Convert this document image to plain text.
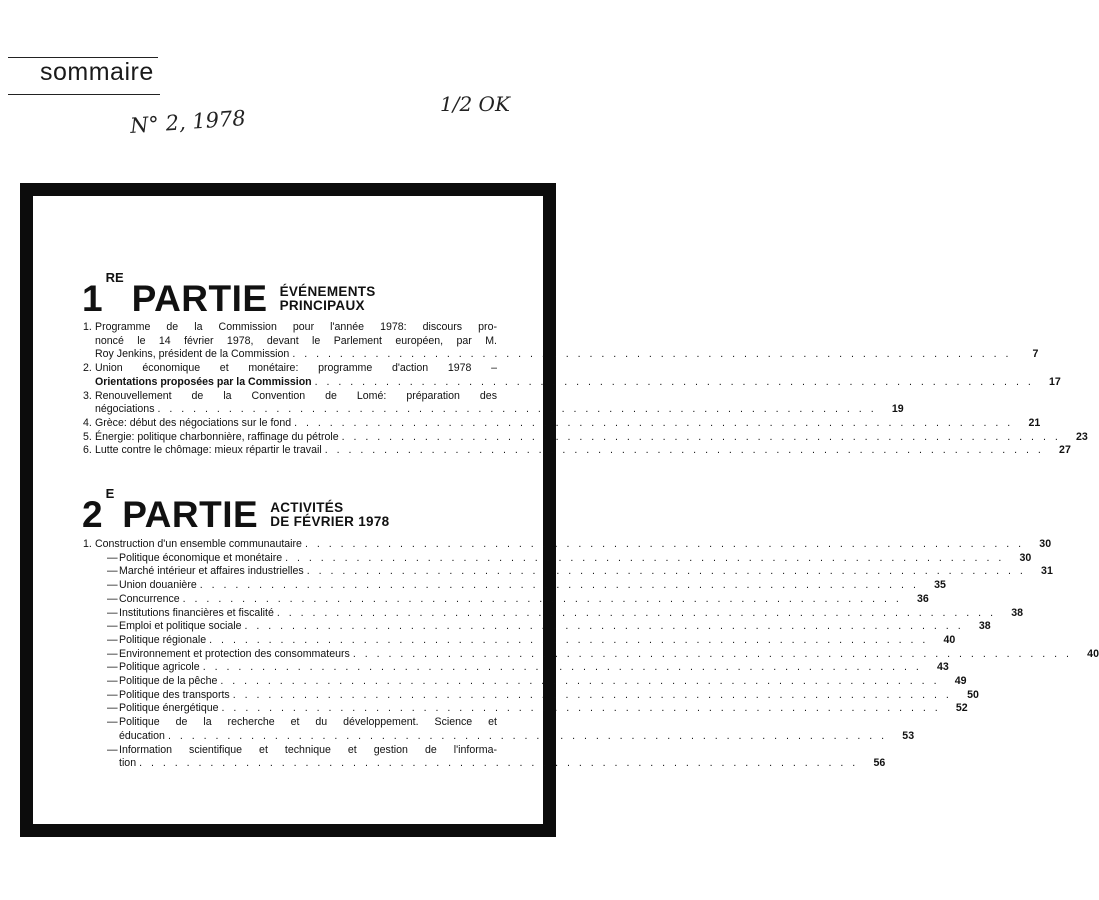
sommaire
N° 2, 1978
1/2 OK
1RE
PARTIE ÉVÉNEMENTS
PRINCIPAUX
1. Programme de la Commission pour l'année 1978: discours pro-
noncé le 14 février 1978, devant le Parlement européen, par M.
Roy Jenkins, président de la Commission . . . . . . . . . . . . . . . . . . . . . . . . . . . . . . . . . . . . . . . . . . . . . . . . . . . . . . . . . . . . .	7
2. Union économique et monétaire: programme d'action 1978 –
Orientations proposées par la Commission . . . . . . . . . . . . . . . . . . . . . . . . . . . . . . . . . . . . . . . . . . . . . . . . . . . . . . . . . . . . .	17
3. Renouvellement de la Convention de Lomé: préparation des
négociations . . . . . . . . . . . . . . . . . . . . . . . . . . . . . . . . . . . . . . . . . . . . . . . . . . . . . . . . . . . . .	19
4. Grèce: début des négociations sur le fond . . . . . . . . . . . . . . . . . . . . . . . . . . . . . . . . . . . . . . . . . . . . . . . . . . . . . . . . . . . . .	21
5. Énergie: politique charbonnière, raffinage du pétrole . . . . . . . . . . . . . . . . . . . . . . . . . . . . . . . . . . . . . . . . . . . . . . . . . . . . . . . . . . . . .	23
6. Lutte contre le chômage: mieux répartir le travail . . . . . . . . . . . . . . . . . . . . . . . . . . . . . . . . . . . . . . . . . . . . . . . . . . . . . . . . . . . . .	27
$2^E$
PARTIE ACTIVITÉS
DE FÉVRIER 1978
1. Construction d'un ensemble communautaire . . . . . . . . . . . . . . . . . . . . . . . . . . . . . . . . . . . . . . . . . . . . . . . . . . . . . . . . . . . . .	30
— Politique économique et monétaire . . . . . . . . . . . . . . . . . . . . . . . . . . . . . . . . . . . . . . . . . . . . . . . . . . . . . . . . . . . . .	30
— Marché intérieur et affaires industrielles . . . . . . . . . . . . . . . . . . . . . . . . . . . . . . . . . . . . . . . . . . . . . . . . . . . . . . . . . . . . .	31
— Union douanière . . . . . . . . . . . . . . . . . . . . . . . . . . . . . . . . . . . . . . . . . . . . . . . . . . . . . . . . . . . . .	35
— Concurrence . . . . . . . . . . . . . . . . . . . . . . . . . . . . . . . . . . . . . . . . . . . . . . . . . . . . . . . . . . . . .	36
— Institutions financières et fiscalité . . . . . . . . . . . . . . . . . . . . . . . . . . . . . . . . . . . . . . . . . . . . . . . . . . . . . . . . . . . . .	38
— Emploi et politique sociale . . . . . . . . . . . . . . . . . . . . . . . . . . . . . . . . . . . . . . . . . . . . . . . . . . . . . . . . . . . . .	38
— Politique régionale . . . . . . . . . . . . . . . . . . . . . . . . . . . . . . . . . . . . . . . . . . . . . . . . . . . . . . . . . . . . .	40
— Environnement et protection des consommateurs . . . . . . . . . . . . . . . . . . . . . . . . . . . . . . . . . . . . . . . . . . . . . . . . . . . . . . . . . . . . .	40
— Politique agricole . . . . . . . . . . . . . . . . . . . . . . . . . . . . . . . . . . . . . . . . . . . . . . . . . . . . . . . . . . . . .	43
— Politique de la pêche . . . . . . . . . . . . . . . . . . . . . . . . . . . . . . . . . . . . . . . . . . . . . . . . . . . . . . . . . . . . .	49
— Politique des transports . . . . . . . . . . . . . . . . . . . . . . . . . . . . . . . . . . . . . . . . . . . . . . . . . . . . . . . . . . . . .	50
— Politique énergétique . . . . . . . . . . . . . . . . . . . . . . . . . . . . . . . . . . . . . . . . . . . . . . . . . . . . . . . . . . . . .	52
— Politique de la recherche et du développement. Science et
éducation . . . . . . . . . . . . . . . . . . . . . . . . . . . . . . . . . . . . . . . . . . . . . . . . . . . . . . . . . . . . .	53
— Information scientifique et technique et gestion de l'informa-
tion . . . . . . . . . . . . . . . . . . . . . . . . . . . . . . . . . . . . . . . . . . . . . . . . . . . . . . . . . . . . .	56
